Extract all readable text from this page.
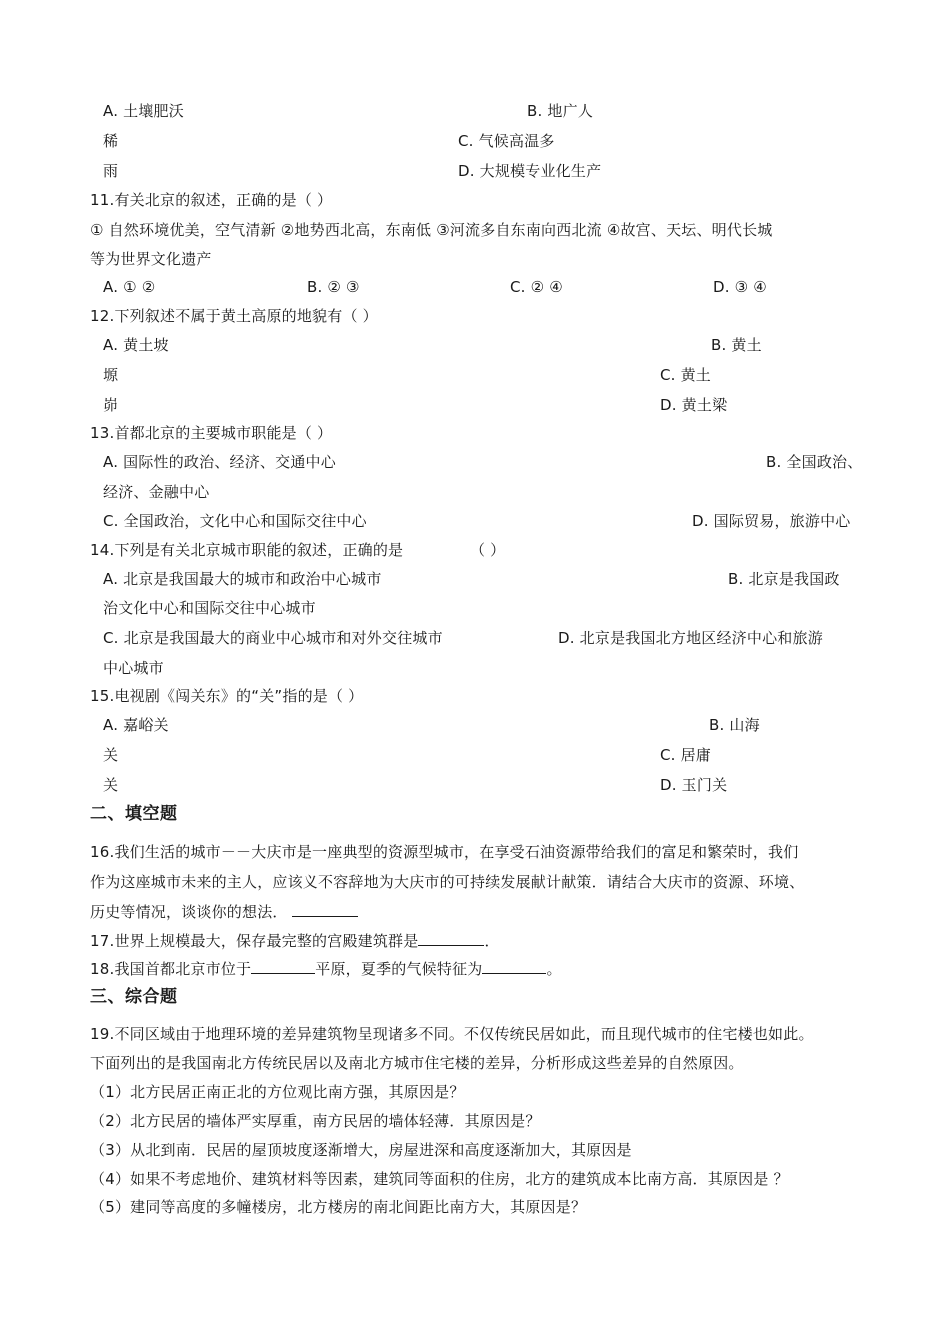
A. 土壤肥沃	B. 地广人
稀	C. 气候高温多
雨	D. 大规模专业化生产
11.有关北京的叙述，正确的是（ ）
① 自然环境优美，空气清新 ②地势西北高，东南低 ③河流多自东南向西北流 ④故宫、天坛、明代长城
等为世界文化遗产
A. ① ②	B. ② ③	C. ② ④	D. ③ ④
12.下列叙述不属于黄土高原的地貌有（ ）
A. 黄土坡	B. 黄土
塬	C. 黄土
峁	D. 黄土梁
13.首都北京的主要城市职能是（ ）
A. 国际性的政治、经济、交通中心	B. 全国政治、
经济、金融中心
C. 全国政治，文化中心和国际交往中心	D. 国际贸易，旅游中心
14.下列是有关北京城市职能的叙述，正确的是	（ ）
A. 北京是我国最大的城市和政治中心城市	B. 北京是我国政
治文化中心和国际交往中心城市
C. 北京是我国最大的商业中心城市和对外交往城市	D. 北京是我国北方地区经济中心和旅游
中心城市
15.电视剧《闯关东》的“关”指的是（ ）
A. 嘉峪关	B. 山海
关	C. 居庸
关	D. 玉门关
二、填空题
16.我们生活的城市－－大庆市是一座典型的资源型城市，在享受石油资源带给我们的富足和繁荣时，我们
作为这座城市未来的主人，应该义不容辞地为大庆市的可持续发展献计献策．请结合大庆市的资源、环境、
历史等情况，谈谈你的想法．
17.世界上规模最大，保存最完整的宫殿建筑群是	．
18.我国首都北京市位于	平原，夏季的气候特征为	。
三、综合题
19.不同区域由于地理环境的差异建筑物呈现诸多不同。不仅传统民居如此，而且现代城市的住宅楼也如此。
下面列出的是我国南北方传统民居以及南北方城市住宅楼的差异，分析形成这些差异的自然原因。
（1）北方民居正南正北的方位观比南方强，其原因是？
（2）北方民居的墙体严实厚重，南方民居的墙体轻薄．其原因是？
（3）从北到南．民居的屋顶坡度逐渐增大，房屋进深和高度逐渐加大，其原因是
（4）如果不考虑地价、建筑材料等因素，建筑同等面积的住房，北方的建筑成本比南方高．其原因是 ？
（5）建同等高度的多幢楼房，北方楼房的南北间距比南方大，其原因是？
